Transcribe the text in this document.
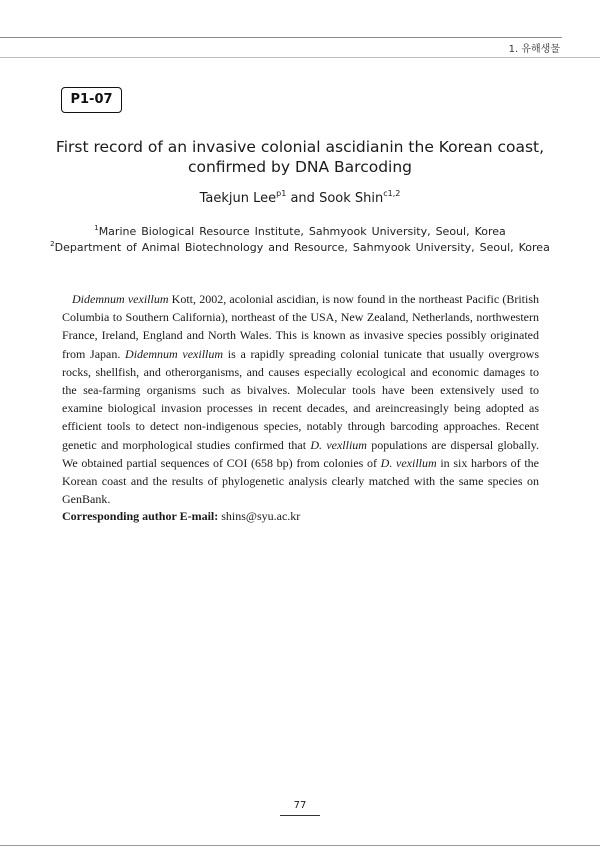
1. 유해생물
P1-07
First record of an invasive colonial ascidianin the Korean coast,
confirmed by DNA Barcoding
Taekjun Lee$^{p1}$ and Sook Shin$^{c1,2}$
$^1$Marine Biological Resource Institute, Sahmyook University, Seoul, Korea
$^2$Department of Animal Biotechnology and Resource, Sahmyook University, Seoul, Korea

Didemnum vexillum Kott, 2002, acolonial ascidian, is now found in the northeast Pacific (British Columbia to Southern California), northeast of the USA, New Zealand, Netherlands, northwestern France, Ireland, England and North Wales. This is known as invasive species possibly originated from Japan. Didemnum vexillum is a rapidly spreading colonial tunicate that usually overgrows rocks, shellfish, and otherorganisms, and causes especially ecological and economic damages to the sea-farming organisms such as bivalves. Molecular tools have been extensively used to examine biological invasion processes in recent decades, and areincreasingly being adopted as efficient tools to detect non-indigenous species, notably through barcoding approaches. Recent genetic and morphological studies confirmed that D. vexllium populations are dispersal globally. We obtained partial sequences of COI (658 bp) from colonies of D. vexillum in six harbors of the Korean coast and the results of phylogenetic analysis clearly matched with the same species on GenBank.

Corresponding author E-mail: shins@syu.ac.kr
77
